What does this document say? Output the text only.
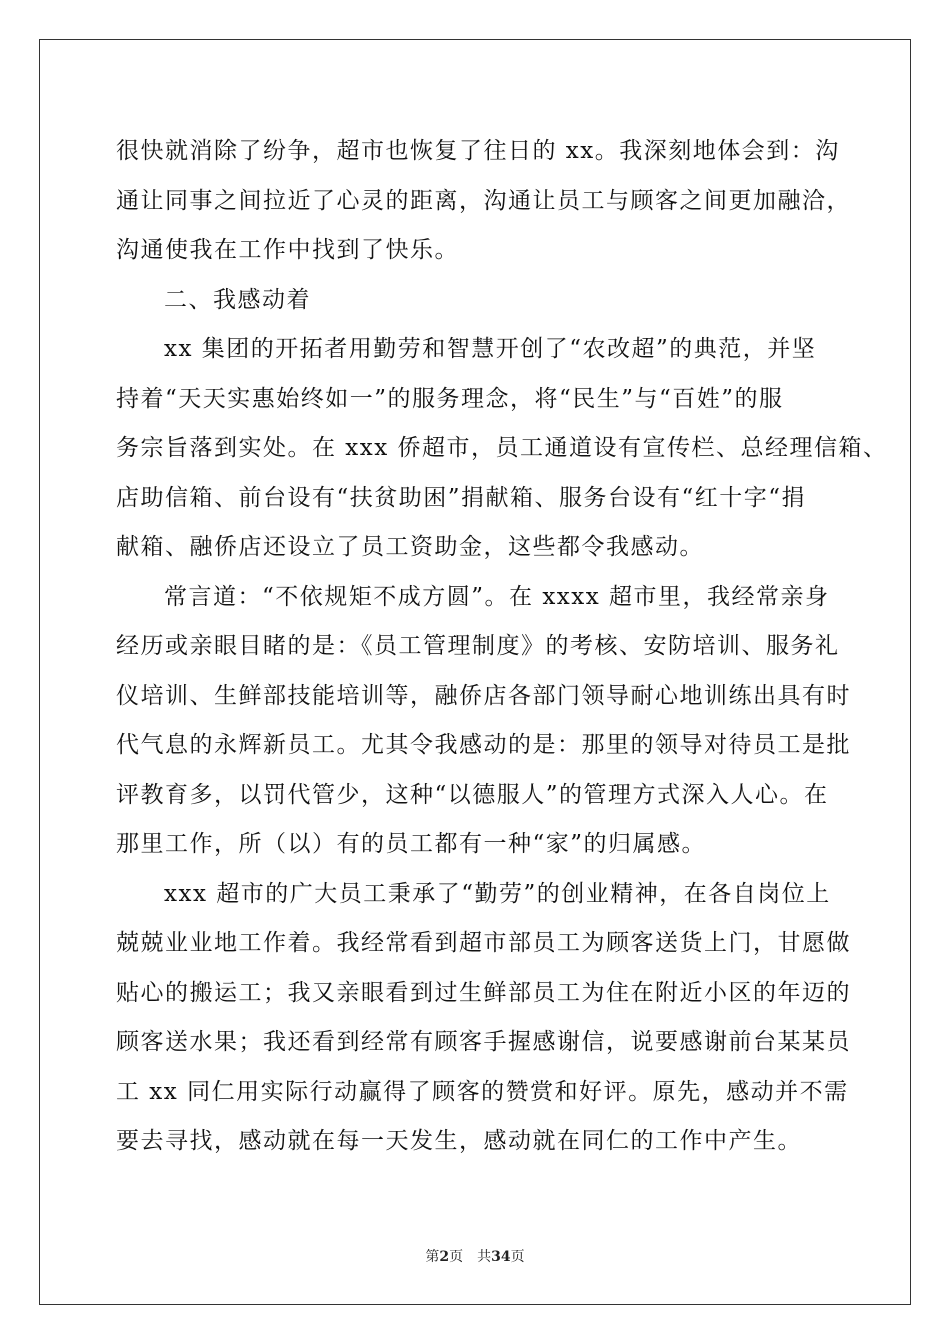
很快就消除了纷争，超市也恢复了往日的 xx。我深刻地体会到：沟
通让同事之间拉近了心灵的距离，沟通让员工与顾客之间更加融洽，
沟通使我在工作中找到了快乐。
二、我感动着
xx 集团的开拓者用勤劳和智慧开创了“农改超”的典范，并坚
持着“天天实惠始终如一”的服务理念，将“民生”与“百姓”的服
务宗旨落到实处。在 xxx 侨超市，员工通道设有宣传栏、总经理信箱、
店助信箱、前台设有“扶贫助困”捐献箱、服务台设有“红十字“捐
献箱、融侨店还设立了员工资助金，这些都令我感动。
常言道：“不依规矩不成方圆”。在 xxxx 超市里，我经常亲身
经历或亲眼目睹的是：《员工管理制度》的考核、安防培训、服务礼
仪培训、生鲜部技能培训等，融侨店各部门领导耐心地训练出具有时
代气息的永辉新员工。尤其令我感动的是：那里的领导对待员工是批
评教育多，以罚代管少，这种“以德服人”的管理方式深入人心。在
那里工作，所（以）有的员工都有一种“家”的归属感。
xxx 超市的广大员工秉承了“勤劳”的创业精神，在各自岗位上
兢兢业业地工作着。我经常看到超市部员工为顾客送货上门，甘愿做
贴心的搬运工；我又亲眼看到过生鲜部员工为住在附近小区的年迈的
顾客送水果；我还看到经常有顾客手握感谢信，说要感谢前台某某员
工 xx 同仁用实际行动赢得了顾客的赞赏和好评。原先，感动并不需
要去寻找，感动就在每一天发生，感动就在同仁的工作中产生。
第2页　共34页
